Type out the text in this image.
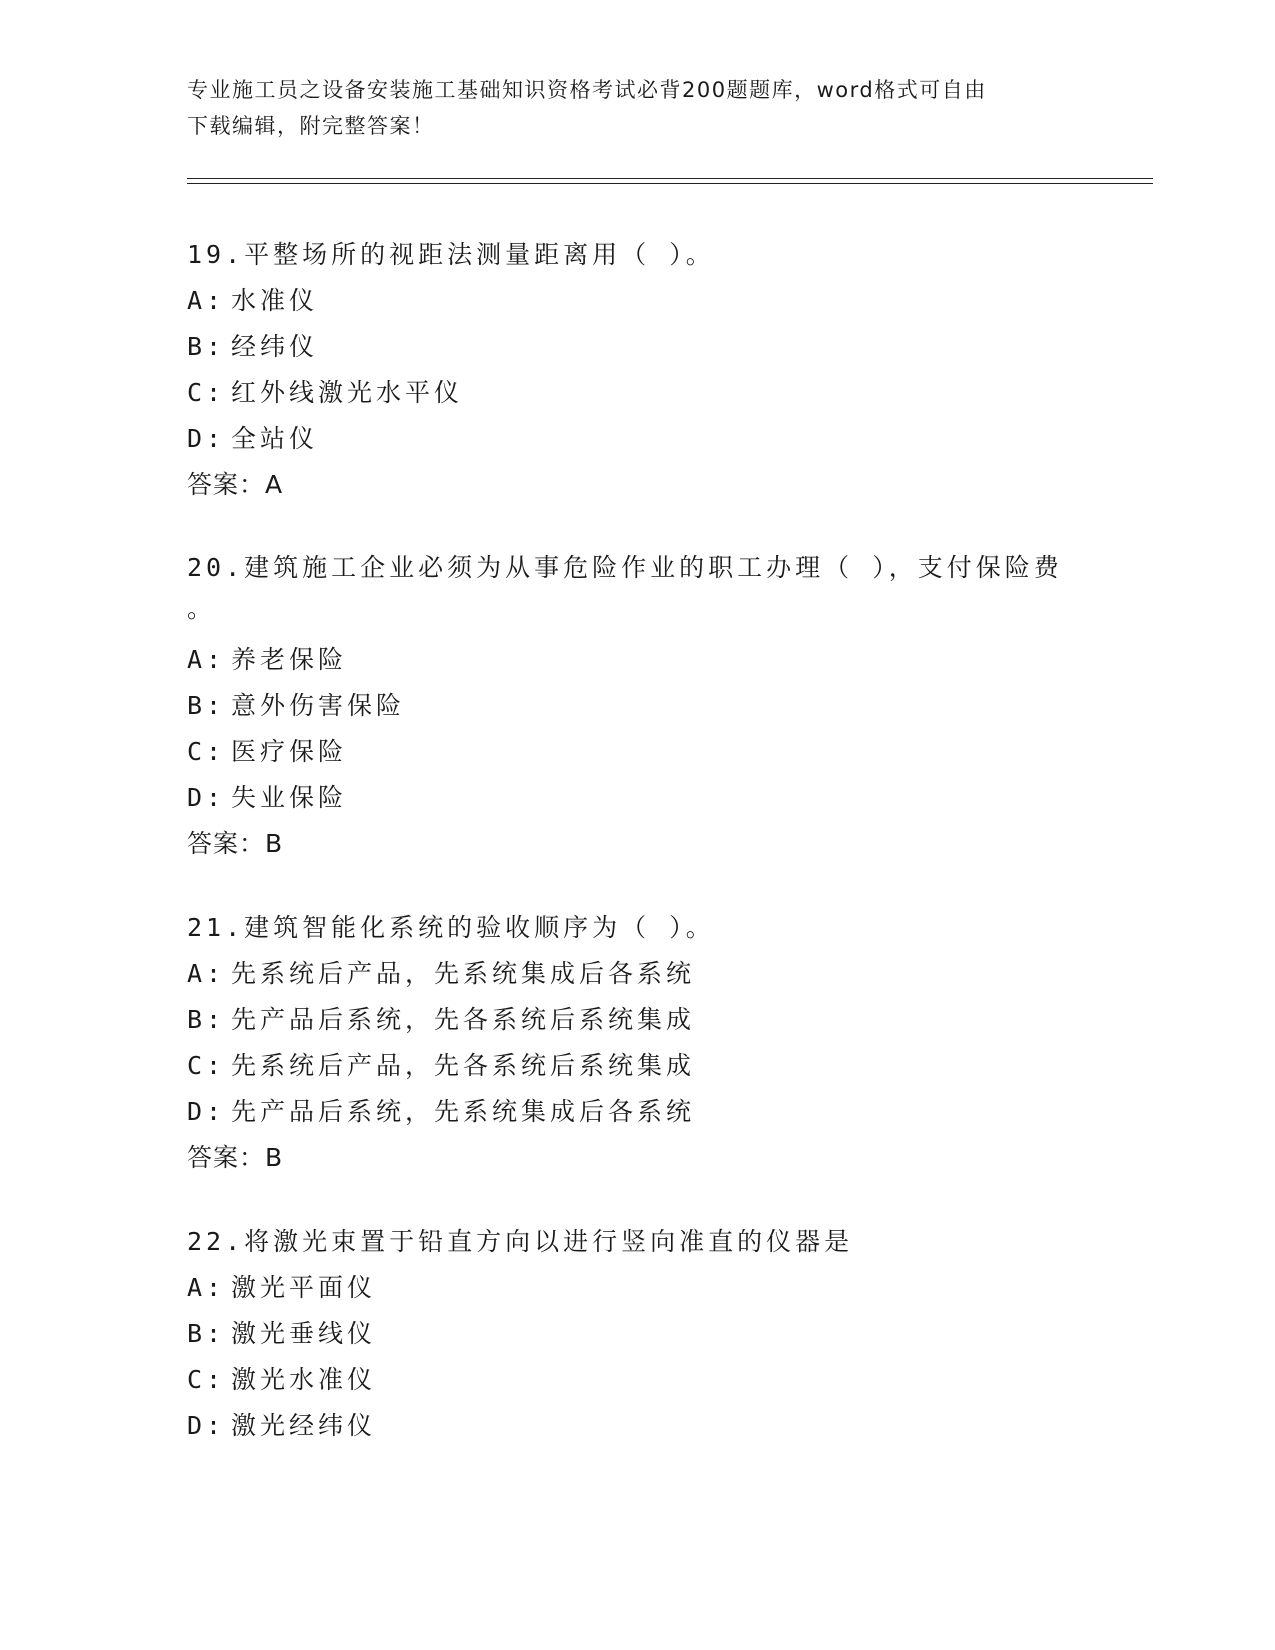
专业施工员之设备安装施工基础知识资格考试必背200题题库，word格式可自由
下载编辑，附完整答案！
19.平整场所的视距法测量距离用（ ）。
A: 水准仪
B: 经纬仪
C: 红外线激光水平仪
D: 全站仪
答案：A
20.建筑施工企业必须为从事危险作业的职工办理（ ），支付保险费
。
A: 养老保险
B: 意外伤害保险
C: 医疗保险
D: 失业保险
答案：B
21.建筑智能化系统的验收顺序为（ ）。
A: 先系统后产品，先系统集成后各系统
B: 先产品后系统，先各系统后系统集成
C: 先系统后产品，先各系统后系统集成
D: 先产品后系统，先系统集成后各系统
答案：B
22.将激光束置于铅直方向以进行竖向准直的仪器是
A: 激光平面仪
B: 激光垂线仪
C: 激光水准仪
D: 激光经纬仪
